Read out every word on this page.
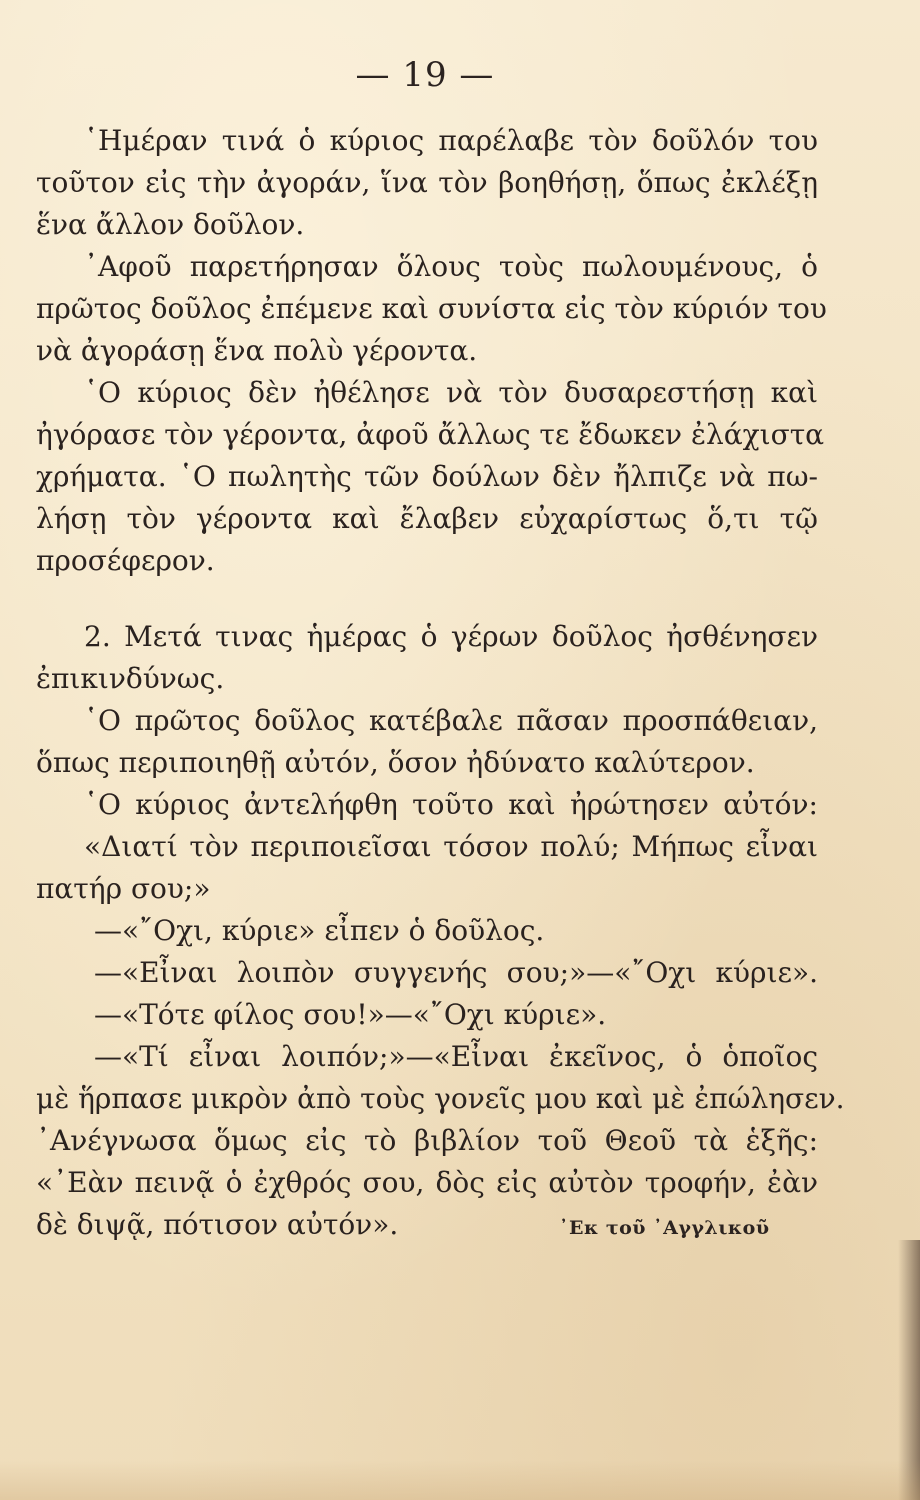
— 19 —
῾Ημέραν τινά ὁ κύριος παρέλαβε τὸν δοῦλόν του
τοῦτον εἰς τὴν ἀγοράν, ἵνα τὸν βοηθήσῃ, ὅπως ἐκλέξῃ
ἕνα ἄλλον δοῦλον.
᾿Αφοῦ παρετήρησαν ὅλους τοὺς πωλουμένους, ὁ
πρῶτος δοῦλος ἐπέμενε καὶ συνίστα εἰς τὸν κύριόν του
νὰ ἀγοράσῃ ἕνα πολὺ γέροντα.
῾Ο κύριος δὲν ἠθέλησε νὰ τὸν δυσαρεστήσῃ καὶ
ἠγόρασε τὸν γέροντα, ἀφοῦ ἄλλως τε ἔδωκεν ἐλάχιστα
χρήματα. ῾Ο πωλητὴς τῶν δούλων δὲν ἤλπιζε νὰ πω-
λήσῃ τὸν γέροντα καὶ ἔλαβεν εὐχαρίστως ὅ,τι τῷ
προσέφερον.
2. Μετά τινας ἡμέρας ὁ γέρων δοῦλος ἠσθένησεν
ἐπικινδύνως.
῾Ο πρῶτος δοῦλος κατέβαλε πᾶσαν προσπάθειαν,
ὅπως περιποιηθῇ αὐτόν, ὅσον ἠδύνατο καλύτερον.
῾Ο κύριος ἀντελήφθη τοῦτο καὶ ἠρώτησεν αὐτόν:
«Διατί τὸν περιποιεῖσαι τόσον πολύ; Μήπως εἶναι
πατήρ σου;»
—«῎Οχι, κύριε» εἶπεν ὁ δοῦλος.
—«Εἶναι λοιπὸν συγγενής σου;»—«῎Οχι κύριε».
—«Τότε φίλος σου!»—«῎Οχι κύριε».
—«Τί εἶναι λοιπόν;»—«Εἶναι ἐκεῖνος, ὁ ὁποῖος
μὲ ἥρπασε μικρὸν ἀπὸ τοὺς γονεῖς μου καὶ μὲ ἐπώλησεν.
᾿Ανέγνωσα ὅμως εἰς τὸ βιβλίον τοῦ Θεοῦ τὰ ἑξῆς:
«᾿Εὰν πεινᾷ ὁ ἐχθρός σου, δὸς εἰς αὐτὸν τροφήν, ἐὰν
δὲ διψᾷ, πότισον αὐτόν».	᾿Εκ τοῦ ᾿Αγγλικοῦ
